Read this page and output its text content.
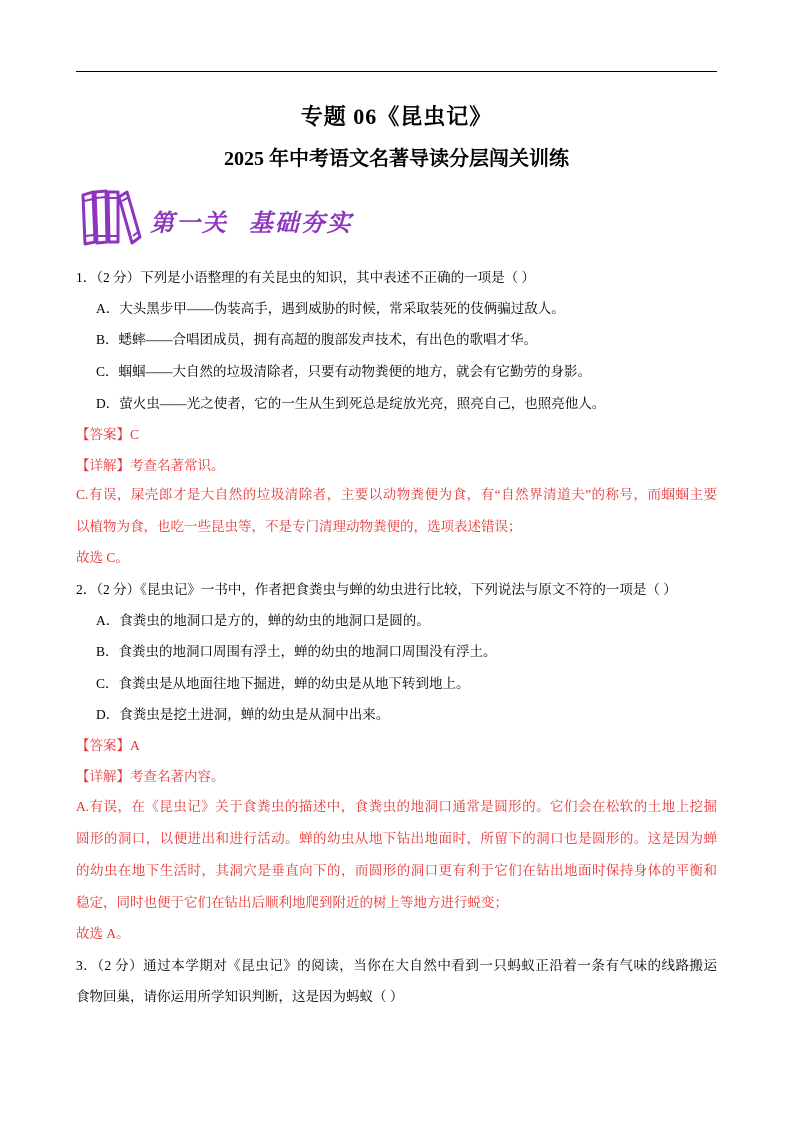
专题 06《昆虫记》
2025 年中考语文名著导读分层闯关训练
第一关  基础夯实
1．（2 分）下列是小语整理的有关昆虫的知识，其中表述不正确的一项是（ ）
A．大头黑步甲——伪装高手，遇到威胁的时候，常采取装死的伎俩骗过敌人。
B．蟋蟀——合唱团成员，拥有高超的腹部发声技术，有出色的歌唱才华。
C．蝈蝈——大自然的垃圾清除者，只要有动物粪便的地方，就会有它勤劳的身影。
D．萤火虫——光之使者，它的一生从生到死总是绽放光亮，照亮自己，也照亮他人。
【答案】C
【详解】考查名著常识。
C.有误，屎壳郎才是大自然的垃圾清除者，主要以动物粪便为食，有“自然界清道夫”的称号，而蝈蝈主要
以植物为食，也吃一些昆虫等，不是专门清理动物粪便的，选项表述错误；
故选 C。
2．（2 分）《昆虫记》一书中，作者把食粪虫与蝉的幼虫进行比较，下列说法与原文不符的一项是（ ）
A．食粪虫的地洞口是方的，蝉的幼虫的地洞口是圆的。
B．食粪虫的地洞口周围有浮土，蝉的幼虫的地洞口周围没有浮土。
C．食粪虫是从地面往地下掘进，蝉的幼虫是从地下转到地上。
D．食粪虫是挖土进洞，蝉的幼虫是从洞中出来。
【答案】A
【详解】考查名著内容。
A.有误，在《昆虫记》关于食粪虫的描述中，食粪虫的地洞口通常是圆形的。它们会在松软的土地上挖掘
圆形的洞口，以便进出和进行活动。蝉的幼虫从地下钻出地面时，所留下的洞口也是圆形的。这是因为蝉
的幼虫在地下生活时，其洞穴是垂直向下的，而圆形的洞口更有利于它们在钻出地面时保持身体的平衡和
稳定，同时也便于它们在钻出后顺利地爬到附近的树上等地方进行蜕变；
故选 A。
3．（2 分）通过本学期对《昆虫记》的阅读，当你在大自然中看到一只蚂蚁正沿着一条有气味的线路搬运
食物回巢，请你运用所学知识判断，这是因为蚂蚁（ ）
